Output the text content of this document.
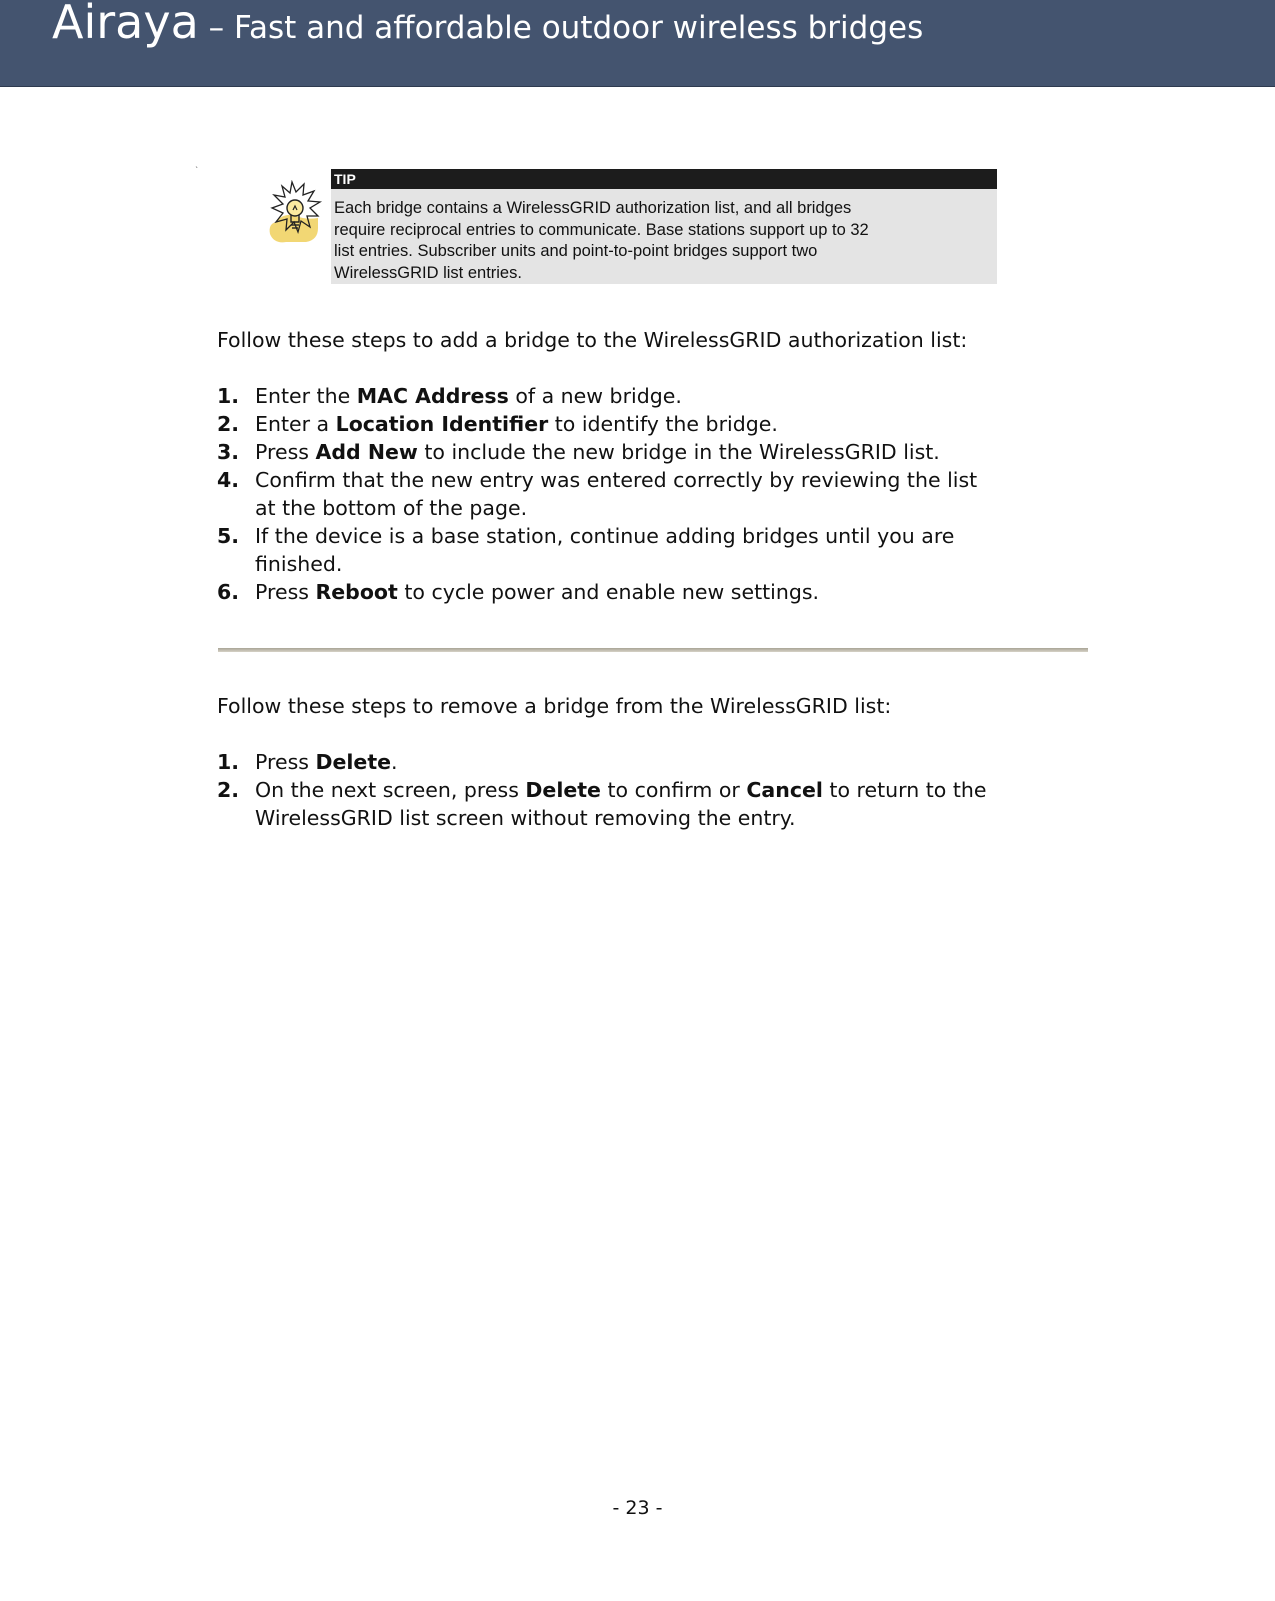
Airaya – Fast and affordable outdoor wireless bridges
`
TIP
Each bridge contains a WirelessGRID authorization list, and all bridges
require reciprocal entries to communicate. Base stations support up to 32
list entries. Subscriber units and point-to-point bridges support two
WirelessGRID list entries.

Follow these steps to add a bridge to the WirelessGRID authorization list:

1. Enter the MAC Address of a new bridge.
2. Enter a Location Identifier to identify the bridge.
3. Press Add New to include the new bridge in the WirelessGRID list.
4. Confirm that the new entry was entered correctly by reviewing the list
at the bottom of the page.
5. If the device is a base station, continue adding bridges until you are
finished.
6. Press Reboot to cycle power and enable new settings.

Follow these steps to remove a bridge from the WirelessGRID list:

1. Press Delete.
2. On the next screen, press Delete to confirm or Cancel to return to the
WirelessGRID list screen without removing the entry.
- 23 -
